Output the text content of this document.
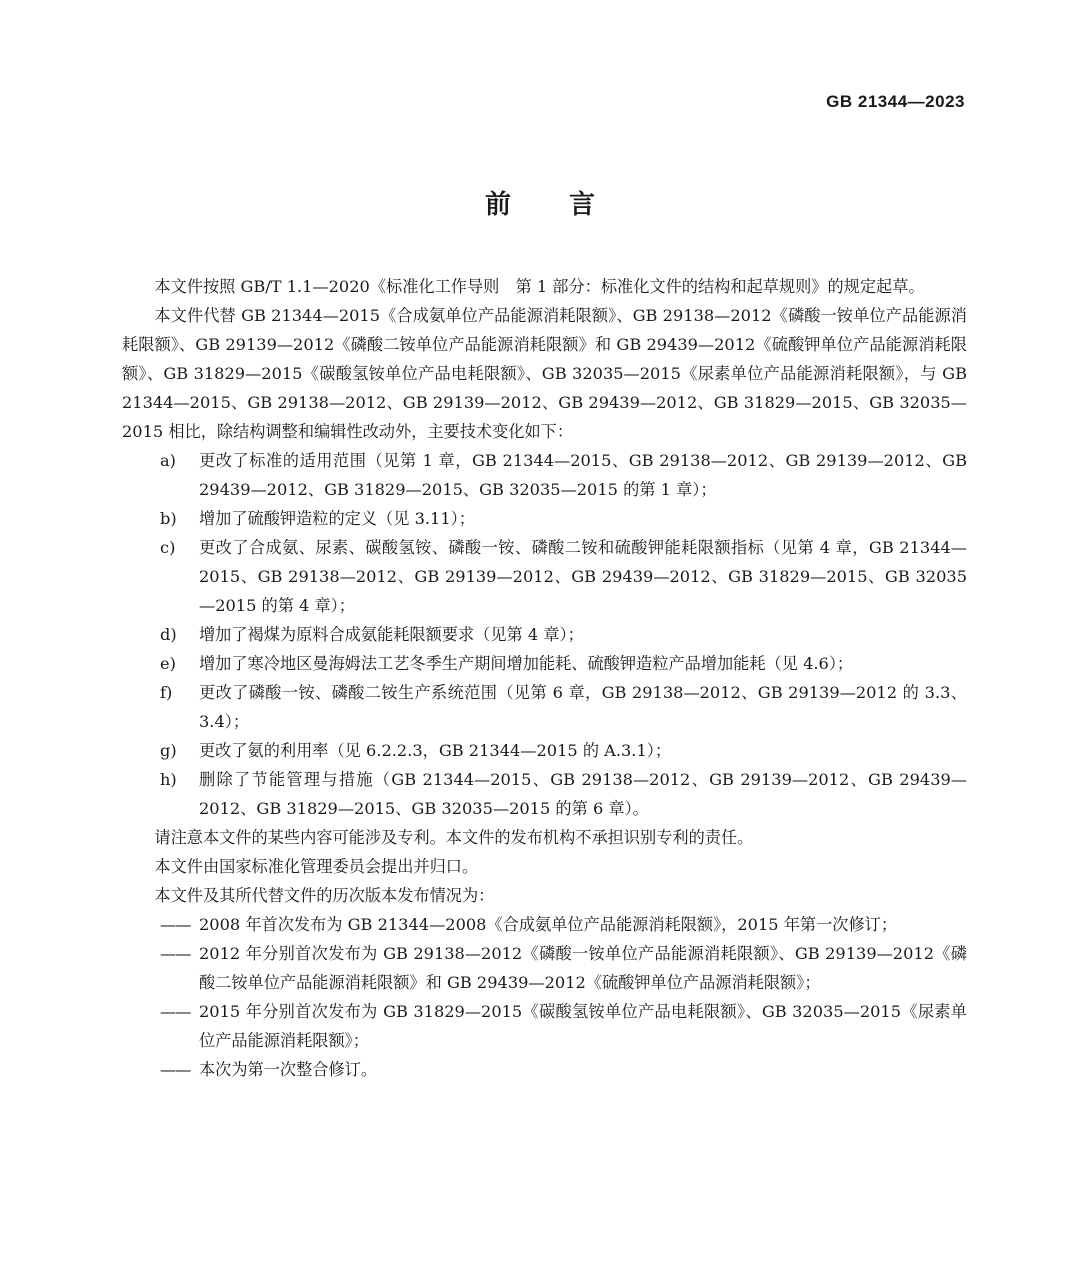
GB 21344—2023
前 言

本文件按照 GB/T 1.1—2020《标准化工作导则　第 1 部分：标准化文件的结构和起草规则》的规定起草。

本文件代替 GB 21344—2015《合成氨单位产品能源消耗限额》、GB 29138—2012《磷酸一铵单位产品能源消耗限额》、GB 29139—2012《磷酸二铵单位产品能源消耗限额》和 GB 29439—2012《硫酸钾单位产品能源消耗限额》、GB 31829—2015《碳酸氢铵单位产品电耗限额》、GB 32035—2015《尿素单位产品能源消耗限额》，与 GB 21344—2015、GB 29138—2012、GB 29139—2012、GB 29439—2012、GB 31829—2015、GB 32035—2015 相比，除结构调整和编辑性改动外，主要技术变化如下：

a) 更改了标准的适用范围（见第 1 章，GB 21344—2015、GB 29138—2012、GB 29139—2012、GB 29439—2012、GB 31829—2015、GB 32035—2015 的第 1 章）；

b) 增加了硫酸钾造粒的定义（见 3.11）；

c) 更改了合成氨、尿素、碳酸氢铵、磷酸一铵、磷酸二铵和硫酸钾能耗限额指标（见第 4 章，GB 21344—2015、GB 29138—2012、GB 29139—2012、GB 29439—2012、GB 31829—2015、GB 32035—2015 的第 4 章）；

d) 增加了褐煤为原料合成氨能耗限额要求（见第 4 章）；

e) 增加了寒冷地区曼海姆法工艺冬季生产期间增加能耗、硫酸钾造粒产品增加能耗（见 4.6）；

f) 更改了磷酸一铵、磷酸二铵生产系统范围（见第 6 章，GB 29138—2012、GB 29139—2012 的 3.3、3.4）；

g) 更改了氨的利用率（见 6.2.2.3，GB 21344—2015 的 A.3.1）；

h) 删除了节能管理与措施（GB 21344—2015、GB 29138—2012、GB 29139—2012、GB 29439—2012、GB 31829—2015、GB 32035—2015 的第 6 章）。

请注意本文件的某些内容可能涉及专利。本文件的发布机构不承担识别专利的责任。

本文件由国家标准化管理委员会提出并归口。

本文件及其所代替文件的历次版本发布情况为：

—— 2008 年首次发布为 GB 21344—2008《合成氨单位产品能源消耗限额》，2015 年第一次修订；

—— 2012 年分别首次发布为 GB 29138—2012《磷酸一铵单位产品能源消耗限额》、GB 29139—2012《磷酸二铵单位产品能源消耗限额》和 GB 29439—2012《硫酸钾单位产品源消耗限额》；

—— 2015 年分别首次发布为 GB 31829—2015《碳酸氢铵单位产品电耗限额》、GB 32035—2015《尿素单位产品能源消耗限额》；

—— 本次为第一次整合修订。
